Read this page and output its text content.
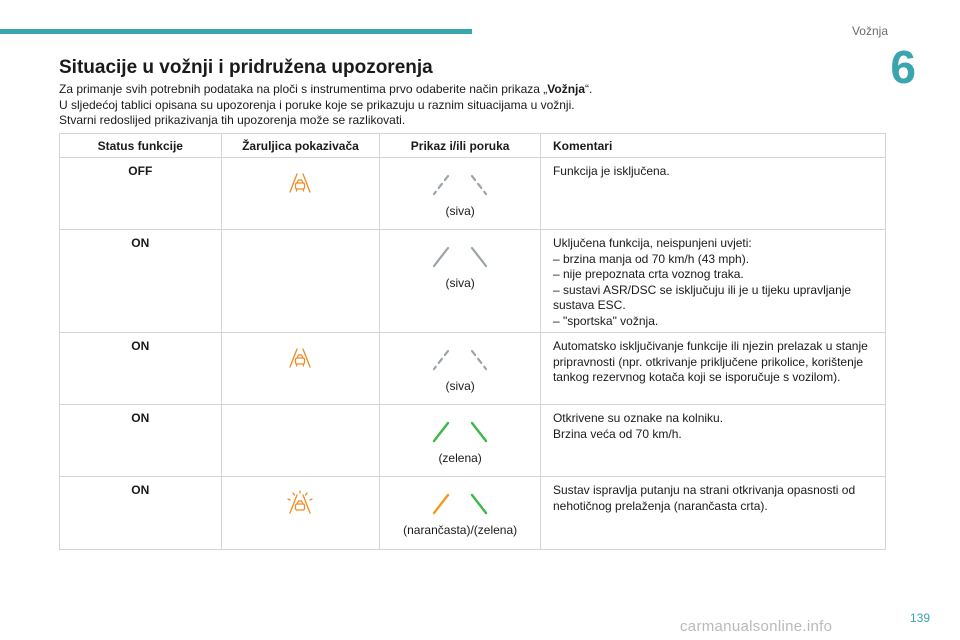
Vožnja
6
Situacije u vožnji i pridružena upozorenja

Za primanje svih potrebnih podataka na ploči s instrumentima prvo odaberite način prikaza „Vožnja“.

U sljedećoj tablici opisana su upozorenja i poruke koje se prikazuju u raznim situacijama u vožnji.

Stvarni redoslijed prikazivanja tih upozorenja može se razlikovati.

Status funkcije	Žaruljica pokazivača	Prikaz i/ili poruka	Komentari
OFF		(siva)	Funkcija je isključena.

ON		(siva)	Uključena funkcija, neispunjeni uvjeti:
– brzina manja od 70 km/h (43 mph).
– nije prepoznata crta voznog traka.
– sustavi ASR/DSC se isključuju ili je u tijeku upravljanje sustava ESC.
– "sportska" vožnja.

ON		(siva)	Automatsko isključivanje funkcije ili njezin prelazak u stanje pripravnosti (npr. otkrivanje priključene prikolice, korištenje tankog rezervnog kotača koji se isporučuje s vozilom).

ON		(zelena)	Otkrivene su oznake na kolniku.
Brzina veća od 70 km/h.

ON		(narančasta)/(zelena)	Sustav ispravlja putanju na strani otkrivanja opasnosti od nehotičnog prelaženja (narančasta crta).
139
carmanualsonline.info
